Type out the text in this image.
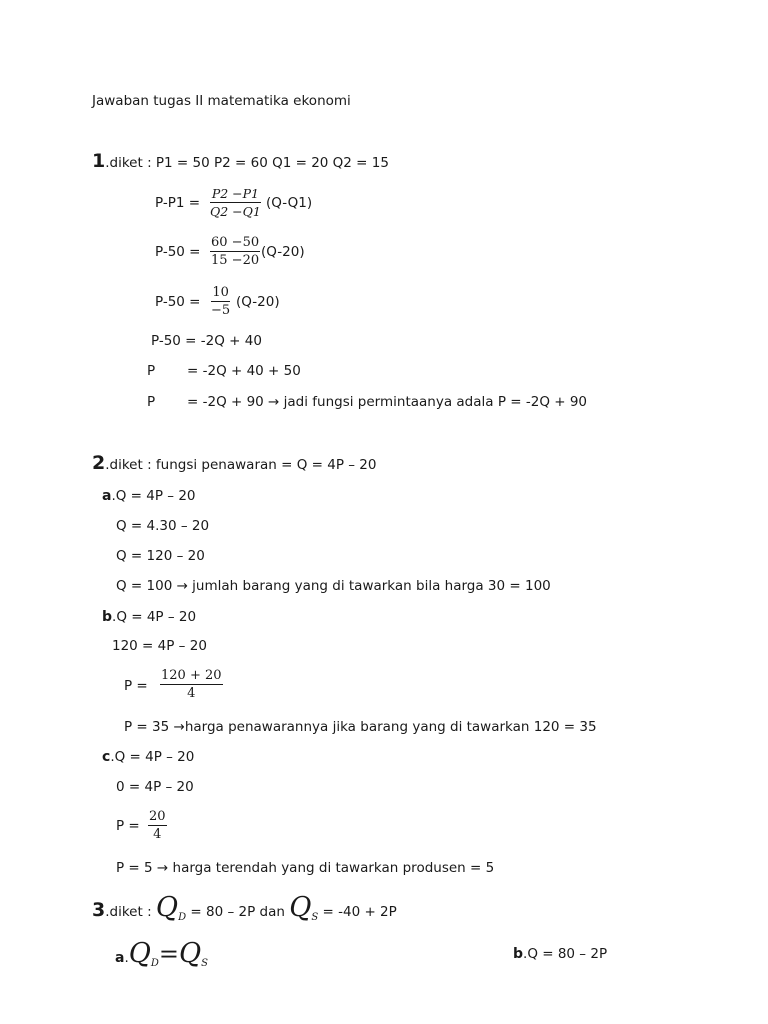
Jawaban tugas II matematika ekonomi
1.diket : P1 = 50 P2 = 60 Q1 = 20 Q2 = 15
$P-P1 = \frac{P2 -P1}{Q2 -Q1} (Q-Q1)$
$P-50 = \frac{60 -50}{15 -20} (Q-20)$
$P-50 = \frac{10}{-5} (Q-20)$
P-50 = -2Q + 40
P = -2Q + 40 + 50
P = -2Q + 90 → jadi fungsi permintaanya adala P = -2Q + 90
2.diket : fungsi penawaran = Q = 4P – 20
a.Q = 4P – 20
Q = 4.30 – 20
Q = 120 – 20
Q = 100 → jumlah barang yang di tawarkan bila harga 30 = 100
b.Q = 4P – 20
120 = 4P – 20
$P = \frac{120 + 20}{4}$
P = 35 →harga penawarannya jika barang yang di tawarkan 120 = 35
c.Q = 4P – 20
0 = 4P – 20
$P = \frac{20}{4}$
P = 5 → harga terendah yang di tawarkan produsen = 5
3.diket : $Q_D = 80 - 2P$ dan $Q_S = -40 + 2P$
$a.Q_D=Q_S$
b.Q = 80 – 2P
